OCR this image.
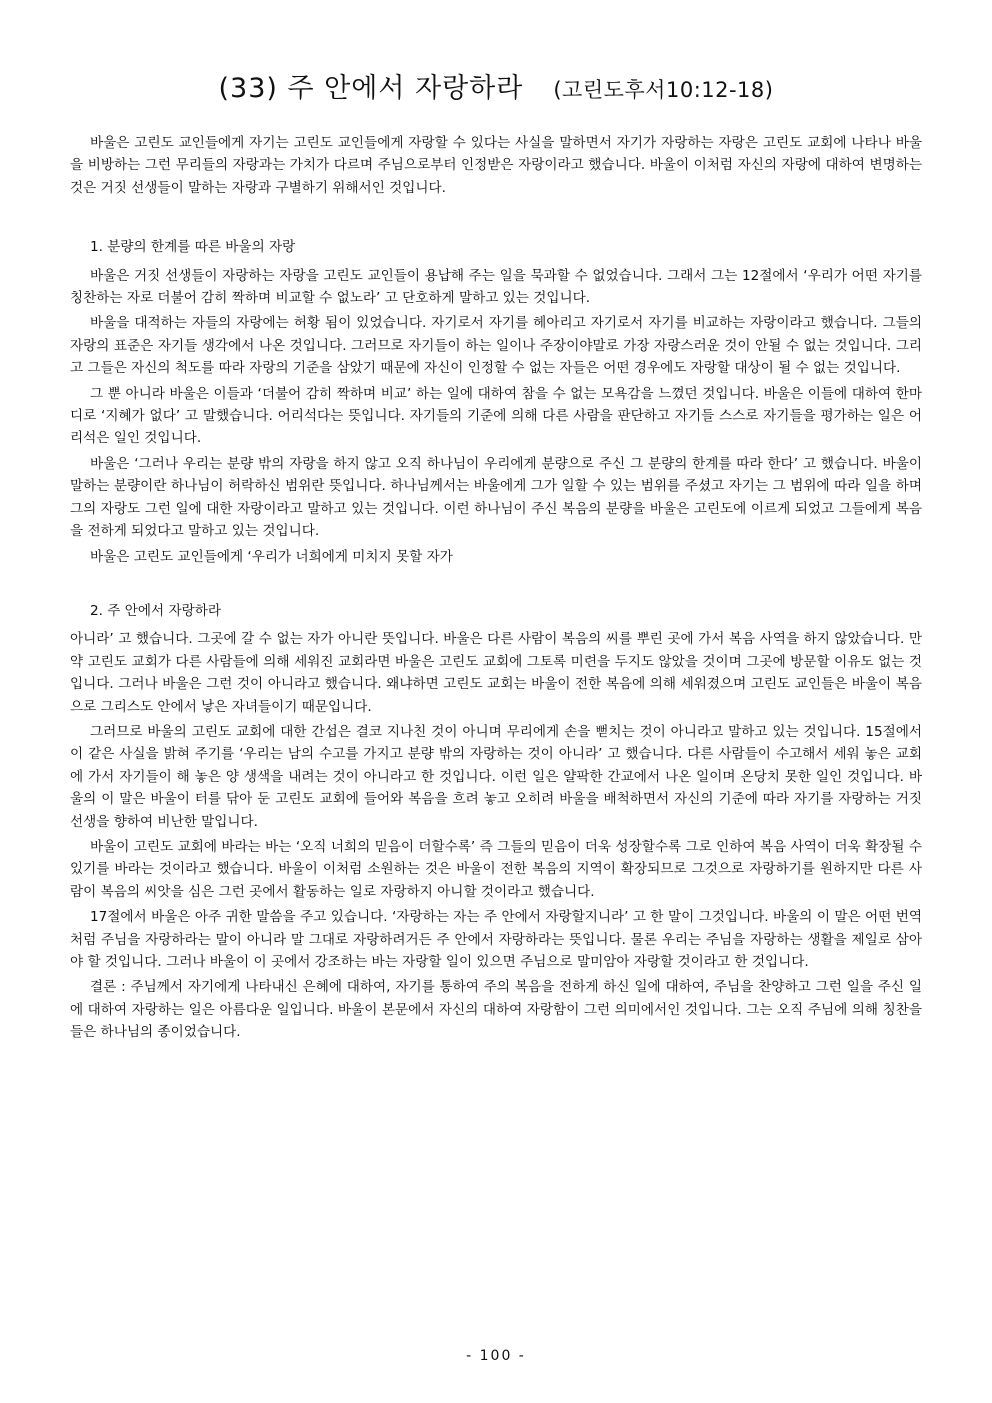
(33) 주 안에서 자랑하라 (고린도후서10:12-18)

바울은 고린도 교인들에게 자기는 고린도 교인들에게 자랑할 수 있다는 사실을 말하면서 자기가 자랑하는 자랑은 고린도 교회에 나타나 바울을 비방하는 그런 무리들의 자랑과는 가치가 다르며 주님으로부터 인정받은 자랑이라고 했습니다. 바울이 이처럼 자신의 자랑에 대하여 변명하는 것은 거짓 선생들이 말하는 자랑과 구별하기 위해서인 것입니다.

1. 분량의 한계를 따른 바울의 자랑

바울은 거짓 선생들이 자랑하는 자랑을 고린도 교인들이 용납해 주는 일을 묵과할 수 없었습니다. 그래서 그는 12절에서 ‘우리가 어떤 자기를 칭찬하는 자로 더불어 감히 짝하며 비교할 수 없노라’ 고 단호하게 말하고 있는 것입니다.

바울을 대적하는 자들의 자랑에는 허황 됨이 있었습니다. 자기로서 자기를 헤아리고 자기로서 자기를 비교하는 자랑이라고 했습니다. 그들의 자랑의 표준은 자기들 생각에서 나온 것입니다. 그러므로 자기들이 하는 일이나 주장이야말로 가장 자랑스러운 것이 안될 수 없는 것입니다. 그리고 그들은 자신의 척도를 따라 자랑의 기준을 삼았기 때문에 자신이 인정할 수 없는 자들은 어떤 경우에도 자랑할 대상이 될 수 없는 것입니다.

그 뿐 아니라 바울은 이들과 ‘더불어 감히 짝하며 비교’ 하는 일에 대하여 참을 수 없는 모욕감을 느꼈던 것입니다. 바울은 이들에 대하여 한마디로 ‘지혜가 없다’ 고 말했습니다. 어리석다는 뜻입니다. 자기들의 기준에 의해 다른 사람을 판단하고 자기들 스스로 자기들을 평가하는 일은 어리석은 일인 것입니다.

바울은 ‘그러나 우리는 분량 밖의 자랑을 하지 않고 오직 하나님이 우리에게 분량으로 주신 그 분량의 한계를 따라 한다’ 고 했습니다. 바울이 말하는 분량이란 하나님이 허락하신 범위란 뜻입니다. 하나님께서는 바울에게 그가 일할 수 있는 범위를 주셨고 자기는 그 범위에 따라 일을 하며 그의 자랑도 그런 일에 대한 자랑이라고 말하고 있는 것입니다. 이런 하나님이 주신 복음의 분량을 바울은 고린도에 이르게 되었고 그들에게 복음을 전하게 되었다고 말하고 있는 것입니다.

바울은 고린도 교인들에게 ‘우리가 너희에게 미치지 못할 자가

2. 주 안에서 자랑하라

아니라’ 고 했습니다. 그곳에 갈 수 없는 자가 아니란 뜻입니다. 바울은 다른 사람이 복음의 씨를 뿌린 곳에 가서 복음 사역을 하지 않았습니다. 만약 고린도 교회가 다른 사람들에 의해 세워진 교회라면 바울은 고린도 교회에 그토록 미련을 두지도 않았을 것이며 그곳에 방문할 이유도 없는 것입니다. 그러나 바울은 그런 것이 아니라고 했습니다. 왜냐하면 고린도 교회는 바울이 전한 복음에 의해 세워졌으며 고린도 교인들은 바울이 복음으로 그리스도 안에서 낳은 자녀들이기 때문입니다.

그러므로 바울의 고린도 교회에 대한 간섭은 결코 지나친 것이 아니며 무리에게 손을 뻗치는 것이 아니라고 말하고 있는 것입니다. 15절에서 이 같은 사실을 밝혀 주기를 ‘우리는 남의 수고를 가지고 분량 밖의 자랑하는 것이 아니라’ 고 했습니다. 다른 사람들이 수고해서 세워 놓은 교회에 가서 자기들이 해 놓은 양 생색을 내려는 것이 아니라고 한 것입니다. 이런 일은 얄팍한 간교에서 나온 일이며 온당치 못한 일인 것입니다. 바울의 이 말은 바울이 터를 닦아 둔 고린도 교회에 들어와 복음을 흐려 놓고 오히려 바울을 배척하면서 자신의 기준에 따라 자기를 자랑하는 거짓 선생을 향하여 비난한 말입니다.

바울이 고린도 교회에 바라는 바는 ‘오직 너희의 믿음이 더할수록’ 즉 그들의 믿음이 더욱 성장할수록 그로 인하여 복음 사역이 더욱 확장될 수 있기를 바라는 것이라고 했습니다. 바울이 이처럼 소원하는 것은 바울이 전한 복음의 지역이 확장되므로 그것으로 자랑하기를 원하지만 다른 사람이 복음의 씨앗을 심은 그런 곳에서 활동하는 일로 자랑하지 아니할 것이라고 했습니다.

17절에서 바울은 아주 귀한 말씀을 주고 있습니다. ‘자랑하는 자는 주 안에서 자랑할지니라’ 고 한 말이 그것입니다. 바울의 이 말은 어떤 번역처럼 주님을 자랑하라는 말이 아니라 말 그대로 자랑하려거든 주 안에서 자랑하라는 뜻입니다. 물론 우리는 주님을 자랑하는 생활을 제일로 삼아야 할 것입니다. 그러나 바울이 이 곳에서 강조하는 바는 자랑할 일이 있으면 주님으로 말미암아 자랑할 것이라고 한 것입니다.

결론 : 주님께서 자기에게 나타내신 은혜에 대하여, 자기를 통하여 주의 복음을 전하게 하신 일에 대하여, 주님을 찬양하고 그런 일을 주신 일에 대하여 자랑하는 일은 아름다운 일입니다. 바울이 본문에서 자신의 대하여 자랑함이 그런 의미에서인 것입니다. 그는 오직 주님에 의해 칭찬을 들은 하나님의 종이었습니다.

- 100 -
